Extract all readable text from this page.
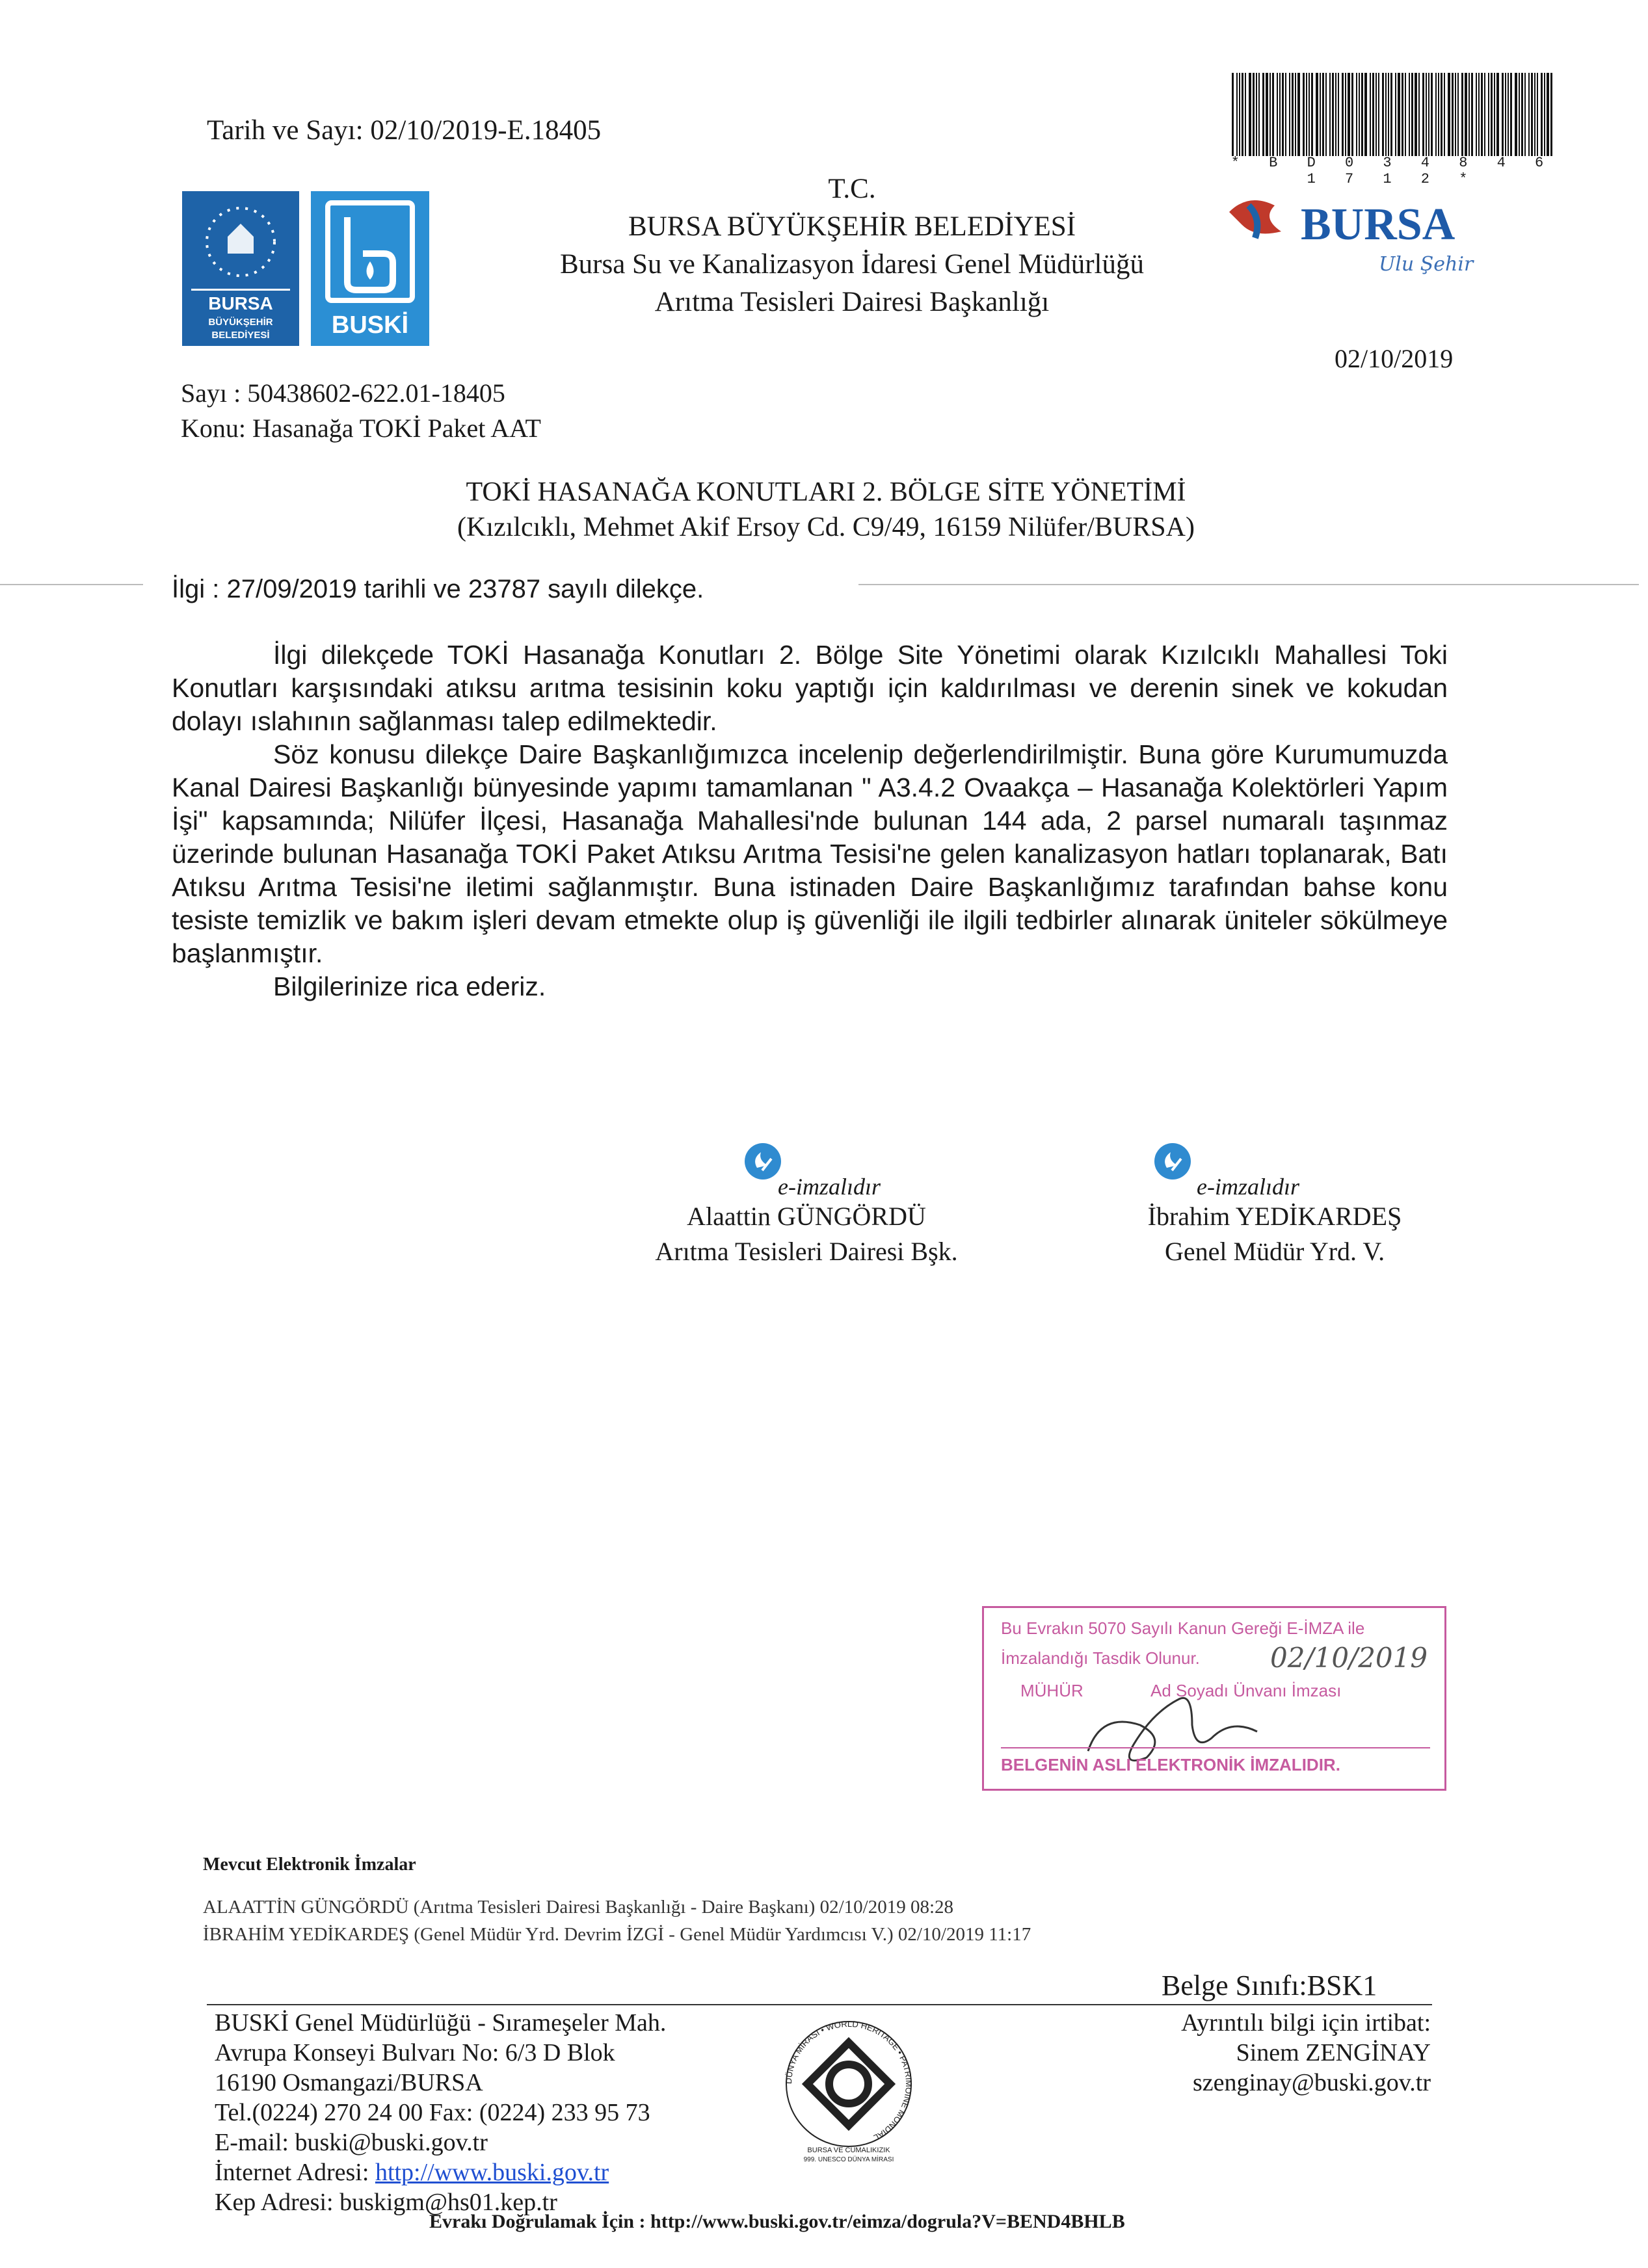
Tarih ve Sayı: 02/10/2019-E.18405
* B D 0 3 4 8 4 6 1 7 1 2 *
BURSA
BÜYÜKŞEHİR
BELEDİYESİ	BUSKİ
BURSA
Ulu Şehir
T.C.
BURSA BÜYÜKŞEHİR BELEDİYESİ
Bursa Su ve Kanalizasyon İdaresi Genel Müdürlüğü
Arıtma Tesisleri Dairesi Başkanlığı
02/10/2019
Sayı : 50438602-622.01-18405
Konu: Hasanağa TOKİ Paket AAT
TOKİ HASANAĞA KONUTLARI 2. BÖLGE SİTE YÖNETİMİ
(Kızılcıklı, Mehmet Akif Ersoy Cd. C9/49, 16159 Nilüfer/BURSA)
İlgi : 27/09/2019 tarihli ve 23787 sayılı dilekçe.

İlgi dilekçede TOKİ Hasanağa Konutları 2. Bölge Site Yönetimi olarak Kızılcıklı Mahallesi Toki Konutları karşısındaki atıksu arıtma tesisinin koku yaptığı için kaldırılması ve derenin sinek ve kokudan dolayı ıslahının sağlanması talep edilmektedir.

Söz konusu dilekçe Daire Başkanlığımızca incelenip değerlendirilmiştir. Buna göre Kurumumuzda Kanal Dairesi Başkanlığı bünyesinde yapımı tamamlanan " A3.4.2 Ovaakça – Hasanağa Kolektörleri Yapım İşi" kapsamında; Nilüfer İlçesi, Hasanağa Mahallesi'nde bulunan 144 ada, 2 parsel numaralı taşınmaz üzerinde bulunan Hasanağa TOKİ Paket Atıksu Arıtma Tesisi'ne gelen kanalizasyon hatları toplanarak, Batı Atıksu Arıtma Tesisi'ne iletimi sağlanmıştır. Buna istinaden Daire Başkanlığımız tarafından bahse konu tesiste temizlik ve bakım işleri devam etmekte olup iş güvenliği ile ilgili tedbirler alınarak üniteler sökülmeye başlanmıştır.

Bilgilerinize rica ederiz.

e-imzalıdır
Alaattin GÜNGÖRDÜ
Arıtma Tesisleri Dairesi Bşk.
e-imzalıdır
İbrahim YEDİKARDEŞ
Genel Müdür Yrd. V.
Bu Evrakın 5070 Sayılı Kanun Gereği E-İMZA ile
İmzalandığı Tasdik Olunur.	02/10/2019
MÜHÜR	Ad Soyadı Ünvanı İmzası
BELGENİN ASLI ELEKTRONİK İMZALIDIR.
Mevcut Elektronik İmzalar
ALAATTİN GÜNGÖRDÜ (Arıtma Tesisleri Dairesi Başkanlığı - Daire Başkanı) 02/10/2019 08:28
İBRAHİM YEDİKARDEŞ (Genel Müdür Yrd. Devrim İZGİ - Genel Müdür Yardımcısı V.) 02/10/2019 11:17
Belge Sınıfı:BSK1
BUSKİ Genel Müdürlüğü - Sırameşeler Mah.
Avrupa Konseyi Bulvarı No: 6/3 D Blok
16190 Osmangazi/BURSA
Tel.(0224) 270 24 00 Fax: (0224) 233 95 73
E-mail: buski@buski.gov.tr
İnternet Adresi: http://www.buski.gov.tr
Kep Adresi: buskigm@hs01.kep.tr
DÜNYA MİRASI • WORLD HERITAGE • PATRIMOINE MONDIAL
BURSA VE CUMALIKIZIK
999. UNESCO DÜNYA MİRASI
Ayrıntılı bilgi için irtibat:
Sinem ZENGİNAY
szenginay@buski.gov.tr
Evrakı Doğrulamak İçin : http://www.buski.gov.tr/eimza/dogrula?V=BEND4BHLB
